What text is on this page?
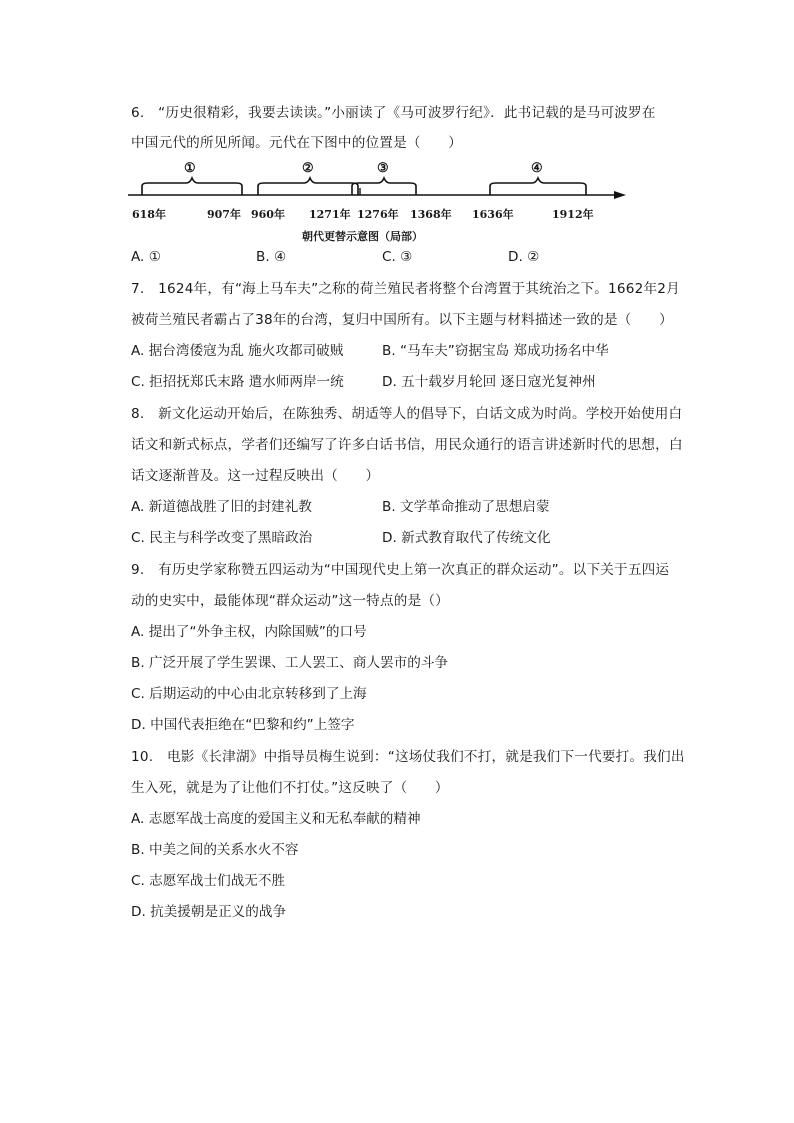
6.　“历史很精彩，我要去读读。”小丽读了《马可波罗行纪》．此书记载的是马可波罗在
中国元代的所见所闻。元代在下图中的位置是（　　）
①	②	③	④
618年	907年 960年 1271年 1276年 1368年 1636年	1912年
朝代更替示意图（局部）
A. ①	B. ④	C. ③	D. ②
7.　1624年，有“海上马车夫”之称的荷兰殖民者将整个台湾置于其统治之下。1662年2月
被荷兰殖民者霸占了38年的台湾，复归中国所有。以下主题与材料描述一致的是（　　）
A. 据台湾倭寇为乱 施火攻都司破贼	B. “马车夫”窃据宝岛 郑成功扬名中华
C. 拒招抚郑氏末路 遣水师两岸一统	D. 五十载岁月轮回 逐日寇光复神州
8.　新文化运动开始后，在陈独秀、胡适等人的倡导下，白话文成为时尚。学校开始使用白
话文和新式标点，学者们还编写了许多白话书信，用民众通行的语言讲述新时代的思想，白
话文逐渐普及。这一过程反映出（　　）
A. 新道德战胜了旧的封建礼教	B. 文学革命推动了思想启蒙
C. 民主与科学改变了黑暗政治	D. 新式教育取代了传统文化
9.　有历史学家称赞五四运动为“中国现代史上第一次真正的群众运动”。以下关于五四运
动的史实中，最能体现“群众运动”这一特点的是（）
A. 提出了“外争主权，内除国贼”的口号
B. 广泛开展了学生罢课、工人罢工、商人罢市的斗争
C. 后期运动的中心由北京转移到了上海
D. 中国代表拒绝在“巴黎和约”上签字
10.　电影《长津湖》中指导员梅生说到：“这场仗我们不打，就是我们下一代要打。我们出
生入死，就是为了让他们不打仗。”这反映了（　　）
A. 志愿军战士高度的爱国主义和无私奉献的精神
B. 中美之间的关系水火不容
C. 志愿军战士们战无不胜
D. 抗美援朝是正义的战争
